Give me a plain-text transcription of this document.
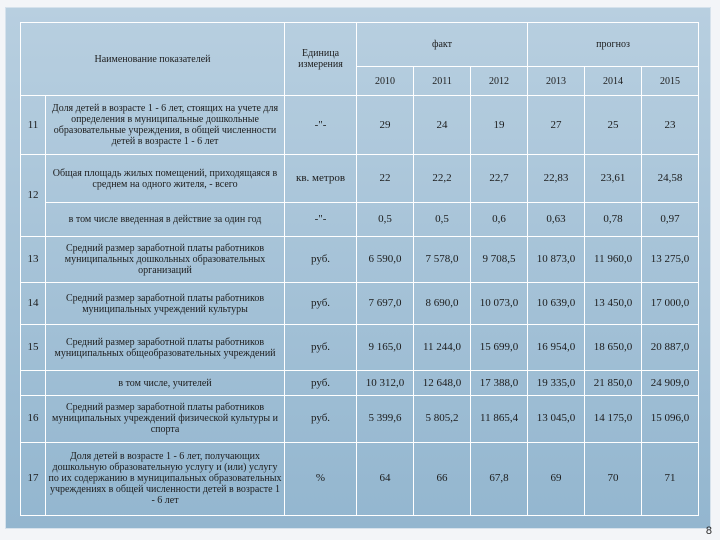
Наименование показателей		Единица измерения	факт			прогноз		
			2010	2011	2012	2013	2014	2015
11	Доля детей в возрасте 1 - 6 лет, стоящих на учете для определения в муниципальные дошкольные образовательные учреждения, в общей численности детей в возрасте 1 - 6 лет	-"-	29	24	19	27	25	23
12	Общая площадь жилых помещений, приходящаяся в среднем на одного жителя, - всего	кв. метров	22	22,2	22,7	22,83	23,61	24,58
	в том числе введенная в действие за один год	-"-	0,5	0,5	0,6	0,63	0,78	0,97
13	Средний размер заработной платы работников муниципальных дошкольных образовательных организаций	руб.	6 590,0	7 578,0	9 708,5	10 873,0	11 960,0	13 275,0
14	Средний размер заработной платы работников муниципальных учреждений культуры	руб.	7 697,0	8 690,0	10 073,0	10 639,0	13 450,0	17 000,0
15	Средний размер заработной платы работников муниципальных общеобразовательных учреждений	руб.	9 165,0	11 244,0	15 699,0	16 954,0	18 650,0	20 887,0
	в том числе, учителей	руб.	10 312,0	12 648,0	17 388,0	19 335,0	21 850,0	24 909,0
16	Средний размер заработной платы работников муниципальных учреждений физической культуры и спорта	руб.	5 399,6	5 805,2	11 865,4	13 045,0	14 175,0	15 096,0
17	Доля детей в возрасте 1 - 6 лет, получающих дошкольную образовательную услугу и (или) услугу по их содержанию в муниципальных образовательных учреждениях в общей численности детей в возрасте 1 - 6 лет	%	64	66	67,8	69	70	71
8
